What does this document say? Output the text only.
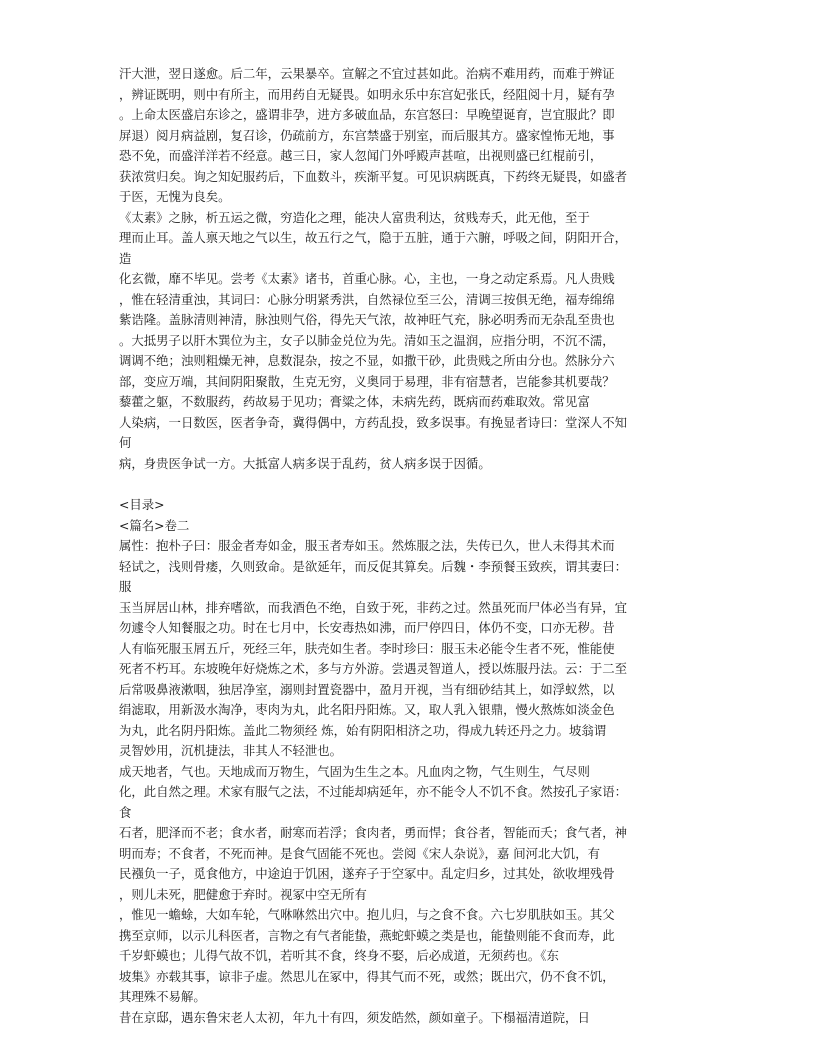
汗大泄，翌日遂愈。后二年，云果暴卒。宣解之不宜过甚如此。治病不难用药，而难于辨证
，辨证既明，则中有所主，而用药自无疑畏。如明永乐中东宫妃张氏，经阻阅十月，疑有孕
。上命太医盛启东诊之，盛谓非孕，进方多破血品，东宫怒曰：早晚望诞育，岂宜服此？即
屏退）阅月病益剧，复召诊，仍疏前方，东宫禁盛于别室，而后服其方。盛家惶怖无地，事
恐不免，而盛洋洋若不经意。越三日，家人忽闻门外呼殿声甚喧，出视则盛已红棍前引，
获浓赏归矣。询之知妃服药后，下血数斗，疾渐平复。可见识病既真，下药终无疑畏，如盛者
于医，无愧为良矣。
《太素》之脉，析五运之微，穷造化之理，能决人富贵利达，贫贱寿夭，此无他，至于
理而止耳。盖人禀天地之气以生，故五行之气，隐于五脏，通于六腑，呼吸之间，阴阳开合，
造
化玄微，靡不毕见。尝考《太素》诸书，首重心脉。心，主也，一身之动定系焉。凡人贵贱
，惟在轻清重浊，其词曰：心脉分明紧秀洪，自然禄位至三公，清调三按俱无绝，福寿绵绵
紫诰隆。盖脉清则神清，脉浊则气俗，得先天气浓，故神旺气充，脉必明秀而无杂乱至贵也
。大抵男子以肝木巽位为主，女子以肺金兑位为先。清如玉之温润，应指分明，不沉不濡，
调调不绝；浊则粗燥无神，息数混杂，按之不显，如撒干砂，此贵贱之所由分也。然脉分六
部，变应万端，其间阴阳聚散，生克无穷，义奥同于易理，非有宿慧者，岂能参其机要哉？
藜藿之躯，不数服药，药故易于见功；膏粱之体，未病先药，既病而药难取效。常见富
人染病，一日数医，医者争奇，冀得偶中，方药乱投，致多误事。有挽显者诗曰：堂深人不知
何
病，身贵医争试一方。大抵富人病多误于乱药，贫人病多误于因循。
<目录>
<篇名>卷二
属性：抱朴子曰：服金者寿如金，服玉者寿如玉。然炼服之法，失传已久，世人未得其术而
轻试之，浅则骨痿，久则致命。是欲延年，而反促其算矣。后魏・李预餐玉致疾，谓其妻曰：
服
玉当屏居山林，排弃嗜欲，而我酒色不绝，自致于死，非药之过。然虽死而尸体必当有异，宜
勿遽令人知餐服之功。时在七月中，长安毒热如沸，而尸停四日，体仍不变，口亦无秽。昔
人有临死服玉屑五斤，死经三年，肤壳如生者。李时珍曰：服玉未必能令生者不死，惟能使
死者不朽耳。东坡晚年好烧炼之术，多与方外游。尝遇灵智道人，授以炼服丹法。云：于二至
后常吸鼻液漱咽，独居净室，溺则封置瓷器中，盈月开视，当有细砂结其上，如浮蚁然，以
绢滤取，用新汲水淘净，枣肉为丸，此名阳丹阳炼。又，取人乳入银鼎，慢火熬炼如淡金色
为丸，此名阴丹阳炼。盖此二物须经 炼，始有阴阳相济之功，得成九转还丹之力。坡翁谓
灵智妙用，沉机捷法，非其人不轻泄也。
成天地者，气也。天地成而万物生，气固为生生之本。凡血肉之物，气生则生，气尽则
化，此自然之理。术家有服气之法，不过能却病延年，亦不能令人不饥不食。然按孔子家语：
食
石者，肥泽而不老；食水者，耐寒而若浮；食肉者，勇而悍；食谷者，智能而夭；食气者，神
明而寿；不食者，不死而神。是食气固能不死也。尝阅《宋人杂说》，嘉 间河北大饥，有
民襁负一子，觅食他方，中途迫于饥困，遂弃子于空冢中。乱定归乡，过其处，欲收埋残骨
，则儿未死，肥健愈于弃时。视冢中空无所有
，惟见一蟾蜍，大如车轮，气咻咻然出穴中。抱儿归，与之食不食。六七岁肌肤如玉。其父
携至京师，以示儿科医者，言物之有气者能蛰，燕蛇虾蟆之类是也，能蛰则能不食而寿，此
千岁虾蟆也；儿得气故不饥，若听其不食，终身不娶，后必成道，无须药也。《东
坡集》亦载其事，谅非子虚。然思儿在冢中，得其气而不死，或然；既出穴，仍不食不饥，
其理殊不易解。
昔在京邸，遇东鲁宋老人太初，年九十有四，须发皓然，颜如童子。下榻福清道院，日
